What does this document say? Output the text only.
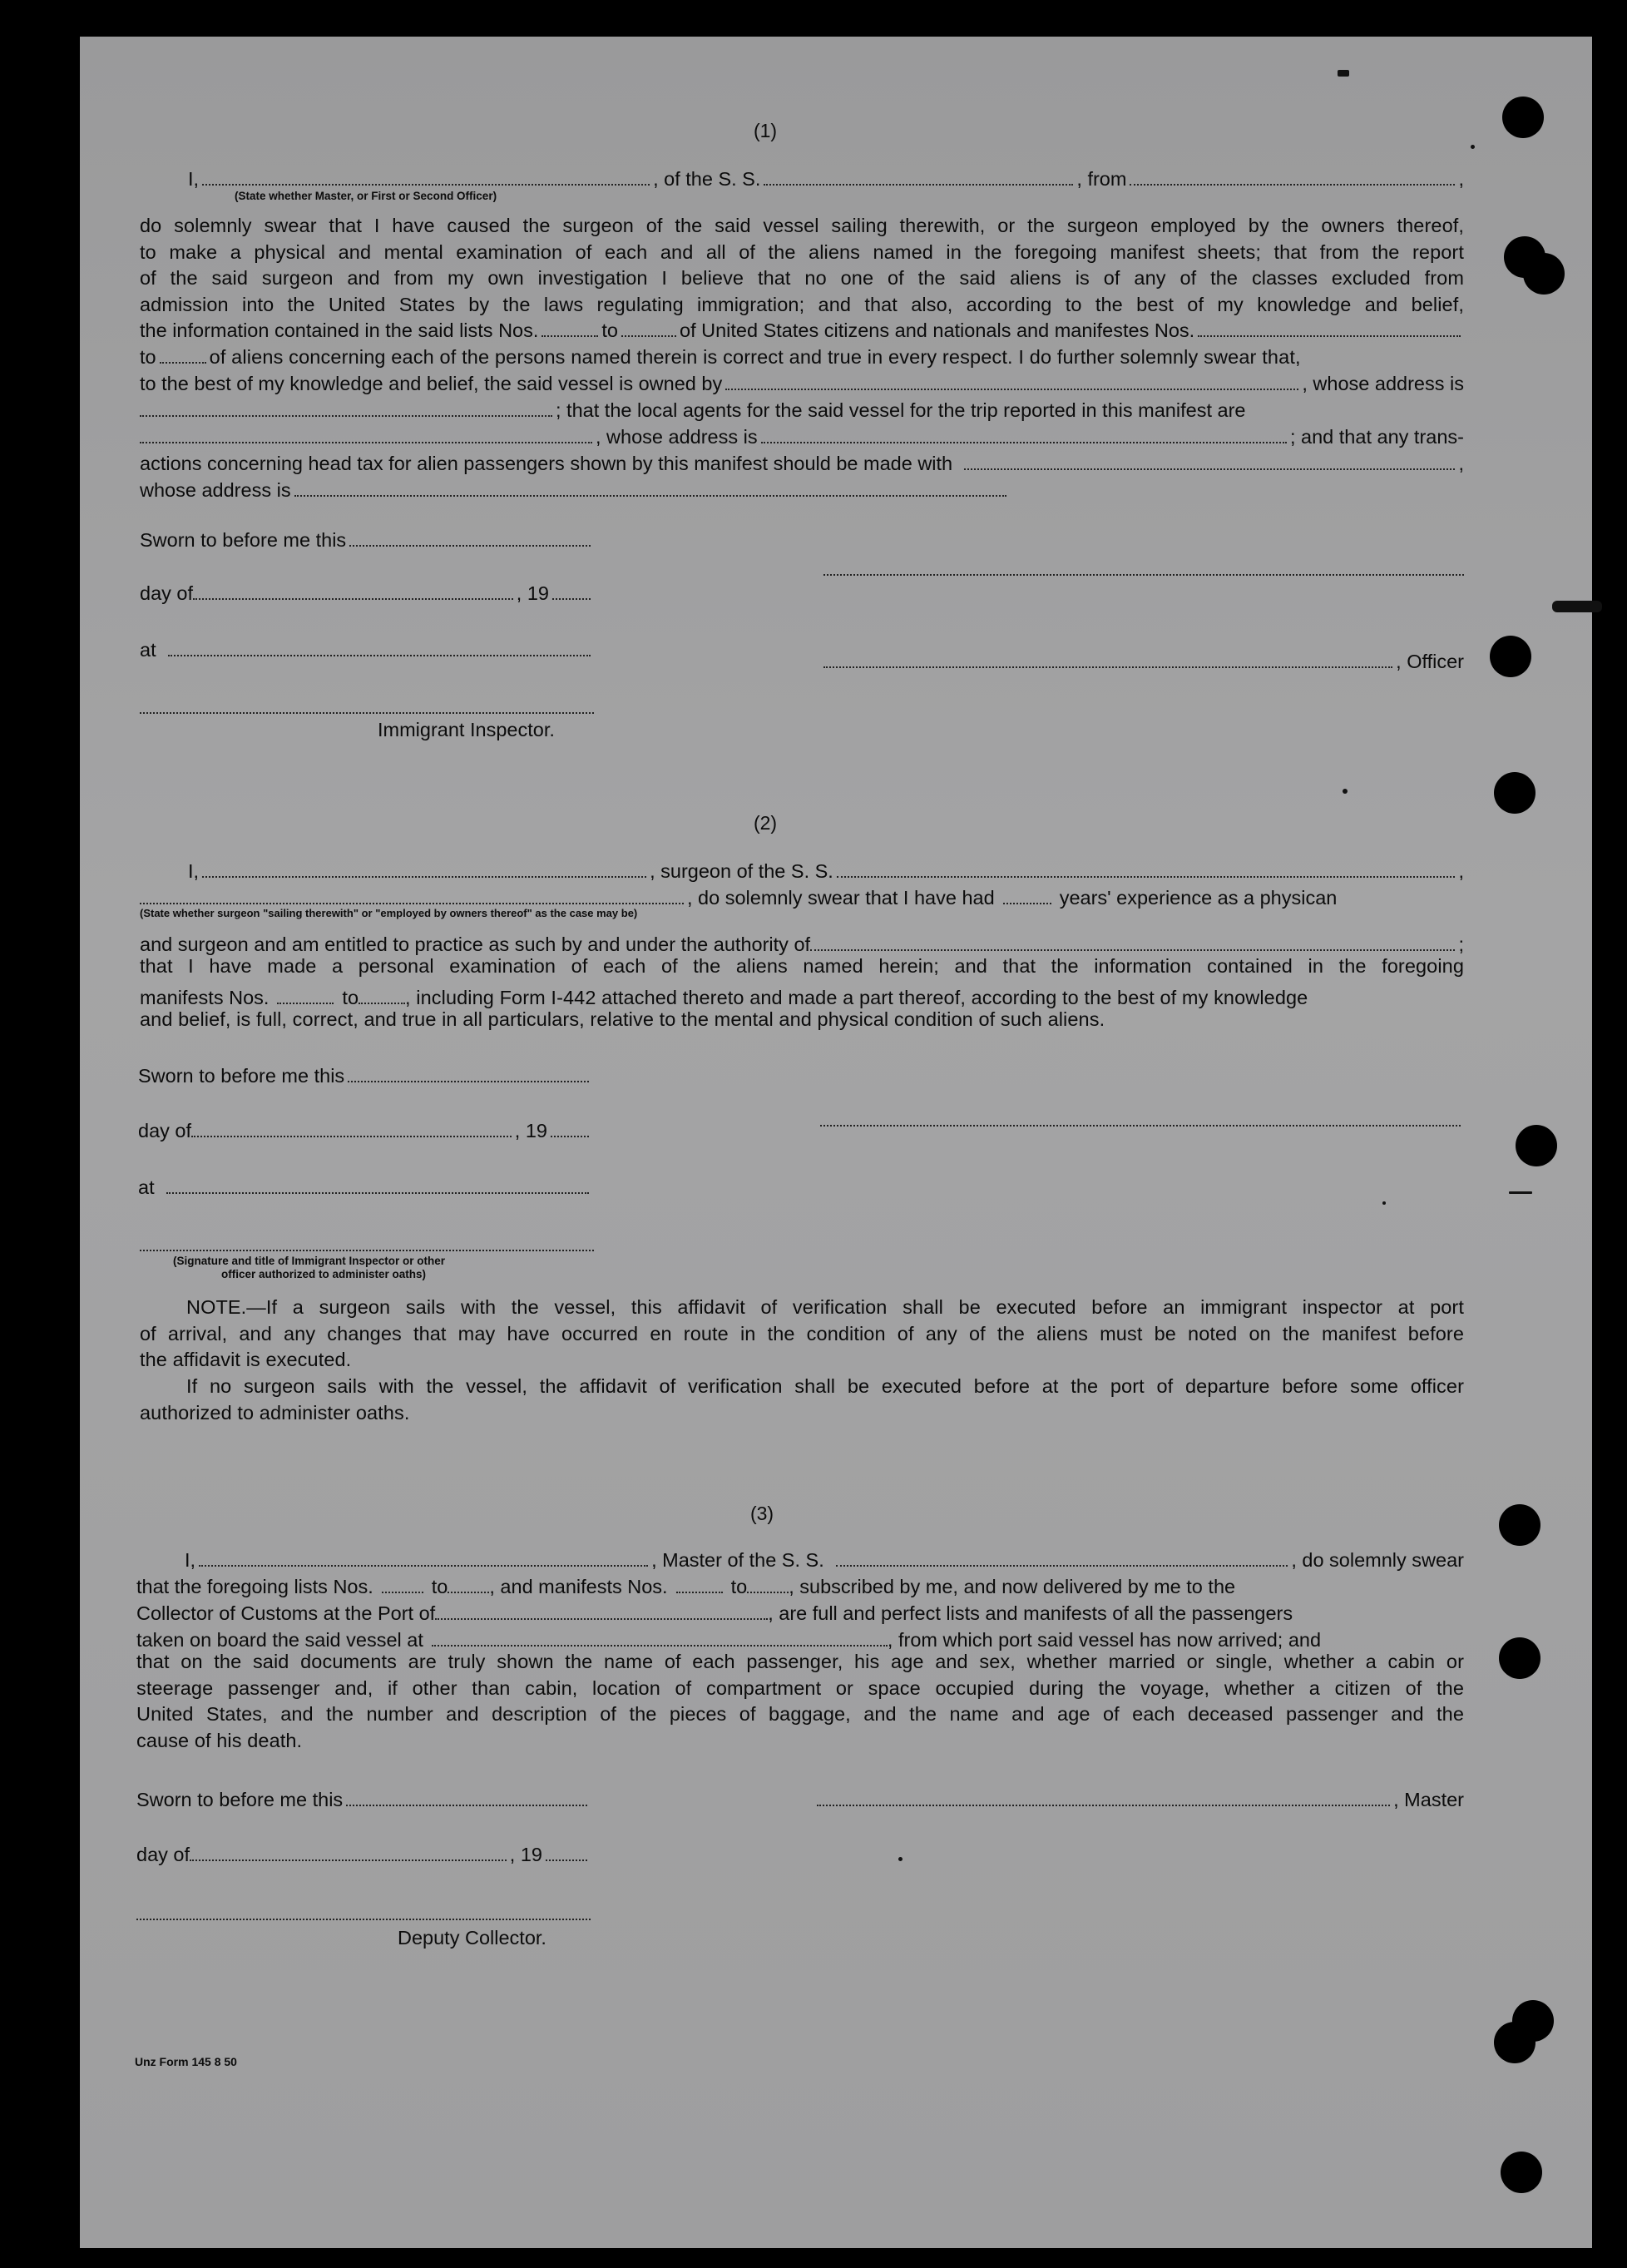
(1)
I,	, of the S. S.	, from	,
(State whether Master, or First or Second Officer)
do solemnly swear that I have caused the surgeon of the said vessel sailing therewith, or the surgeon employed by the owners thereof,
to make a physical and mental examination of each and all of the aliens named in the foregoing manifest sheets; that from the report
of the said surgeon and from my own investigation I believe that no one of the said aliens is of any of the classes excluded from
admission into the United States by the laws regulating immigration; and that also, according to the best of my knowledge and belief,
the information contained in the said lists Nos.	to	of United States citizens and nationals and manifestes Nos.
to	of aliens concerning each of the persons named therein is correct and true in every respect. I do further solemnly swear that,
to the best of my knowledge and belief, the said vessel is owned by	, whose address is
; that the local agents for the said vessel for the trip reported in this manifest are
, whose address is	; and that any trans-
actions concerning head tax for alien passengers shown by this manifest should be made with	,
whose address is
Sworn to before me this
day of	, 19
at
, Officer
Immigrant Inspector.
(2)
I,	, surgeon of the S. S.	,
, do solemnly swear that I have had	years' experience as a physican
(State whether surgeon "sailing therewith" or "employed by owners thereof" as the case may be)
and surgeon and am entitled to practice as such by and under the authority of	;
that I have made a personal examination of each of the aliens named herein; and that the information contained in the foregoing
manifests Nos.	to , including Form I-442 attached thereto and made a part thereof, according to the best of my knowledge
and belief, is full, correct, and true in all particulars, relative to the mental and physical condition of such aliens.
Sworn to before me this
day of	, 19
at
(Signature and title of Immigrant Inspector or other
officer authorized to administer oaths)
NOTE.—If a surgeon sails with the vessel, this affidavit of verification shall be executed before an immigrant inspector at port
of arrival, and any changes that may have occurred en route in the condition of any of the aliens must be noted on the manifest before
the affidavit is executed.
If no surgeon sails with the vessel, the affidavit of verification shall be executed before at the port of departure before some officer
authorized to administer oaths.
(3)
I,	, Master of the S. S.	, do solemnly swear
that the foregoing lists Nos.	to , and manifests Nos.	to , subscribed by me, and now delivered by me to the
Collector of Customs at the Port of	, are full and perfect lists and manifests of all the passengers
taken on board the said vessel at	, from which port said vessel has now arrived; and
that on the said documents are truly shown the name of each passenger, his age and sex, whether married or single, whether a cabin or
steerage passenger and, if other than cabin, location of compartment or space occupied during the voyage, whether a citizen of the
United States, and the number and description of the pieces of baggage, and the name and age of each deceased passenger and the
cause of his death.
Sworn to before me this	, Master
day of	, 19
Deputy Collector.
Unz Form 145 8 50
